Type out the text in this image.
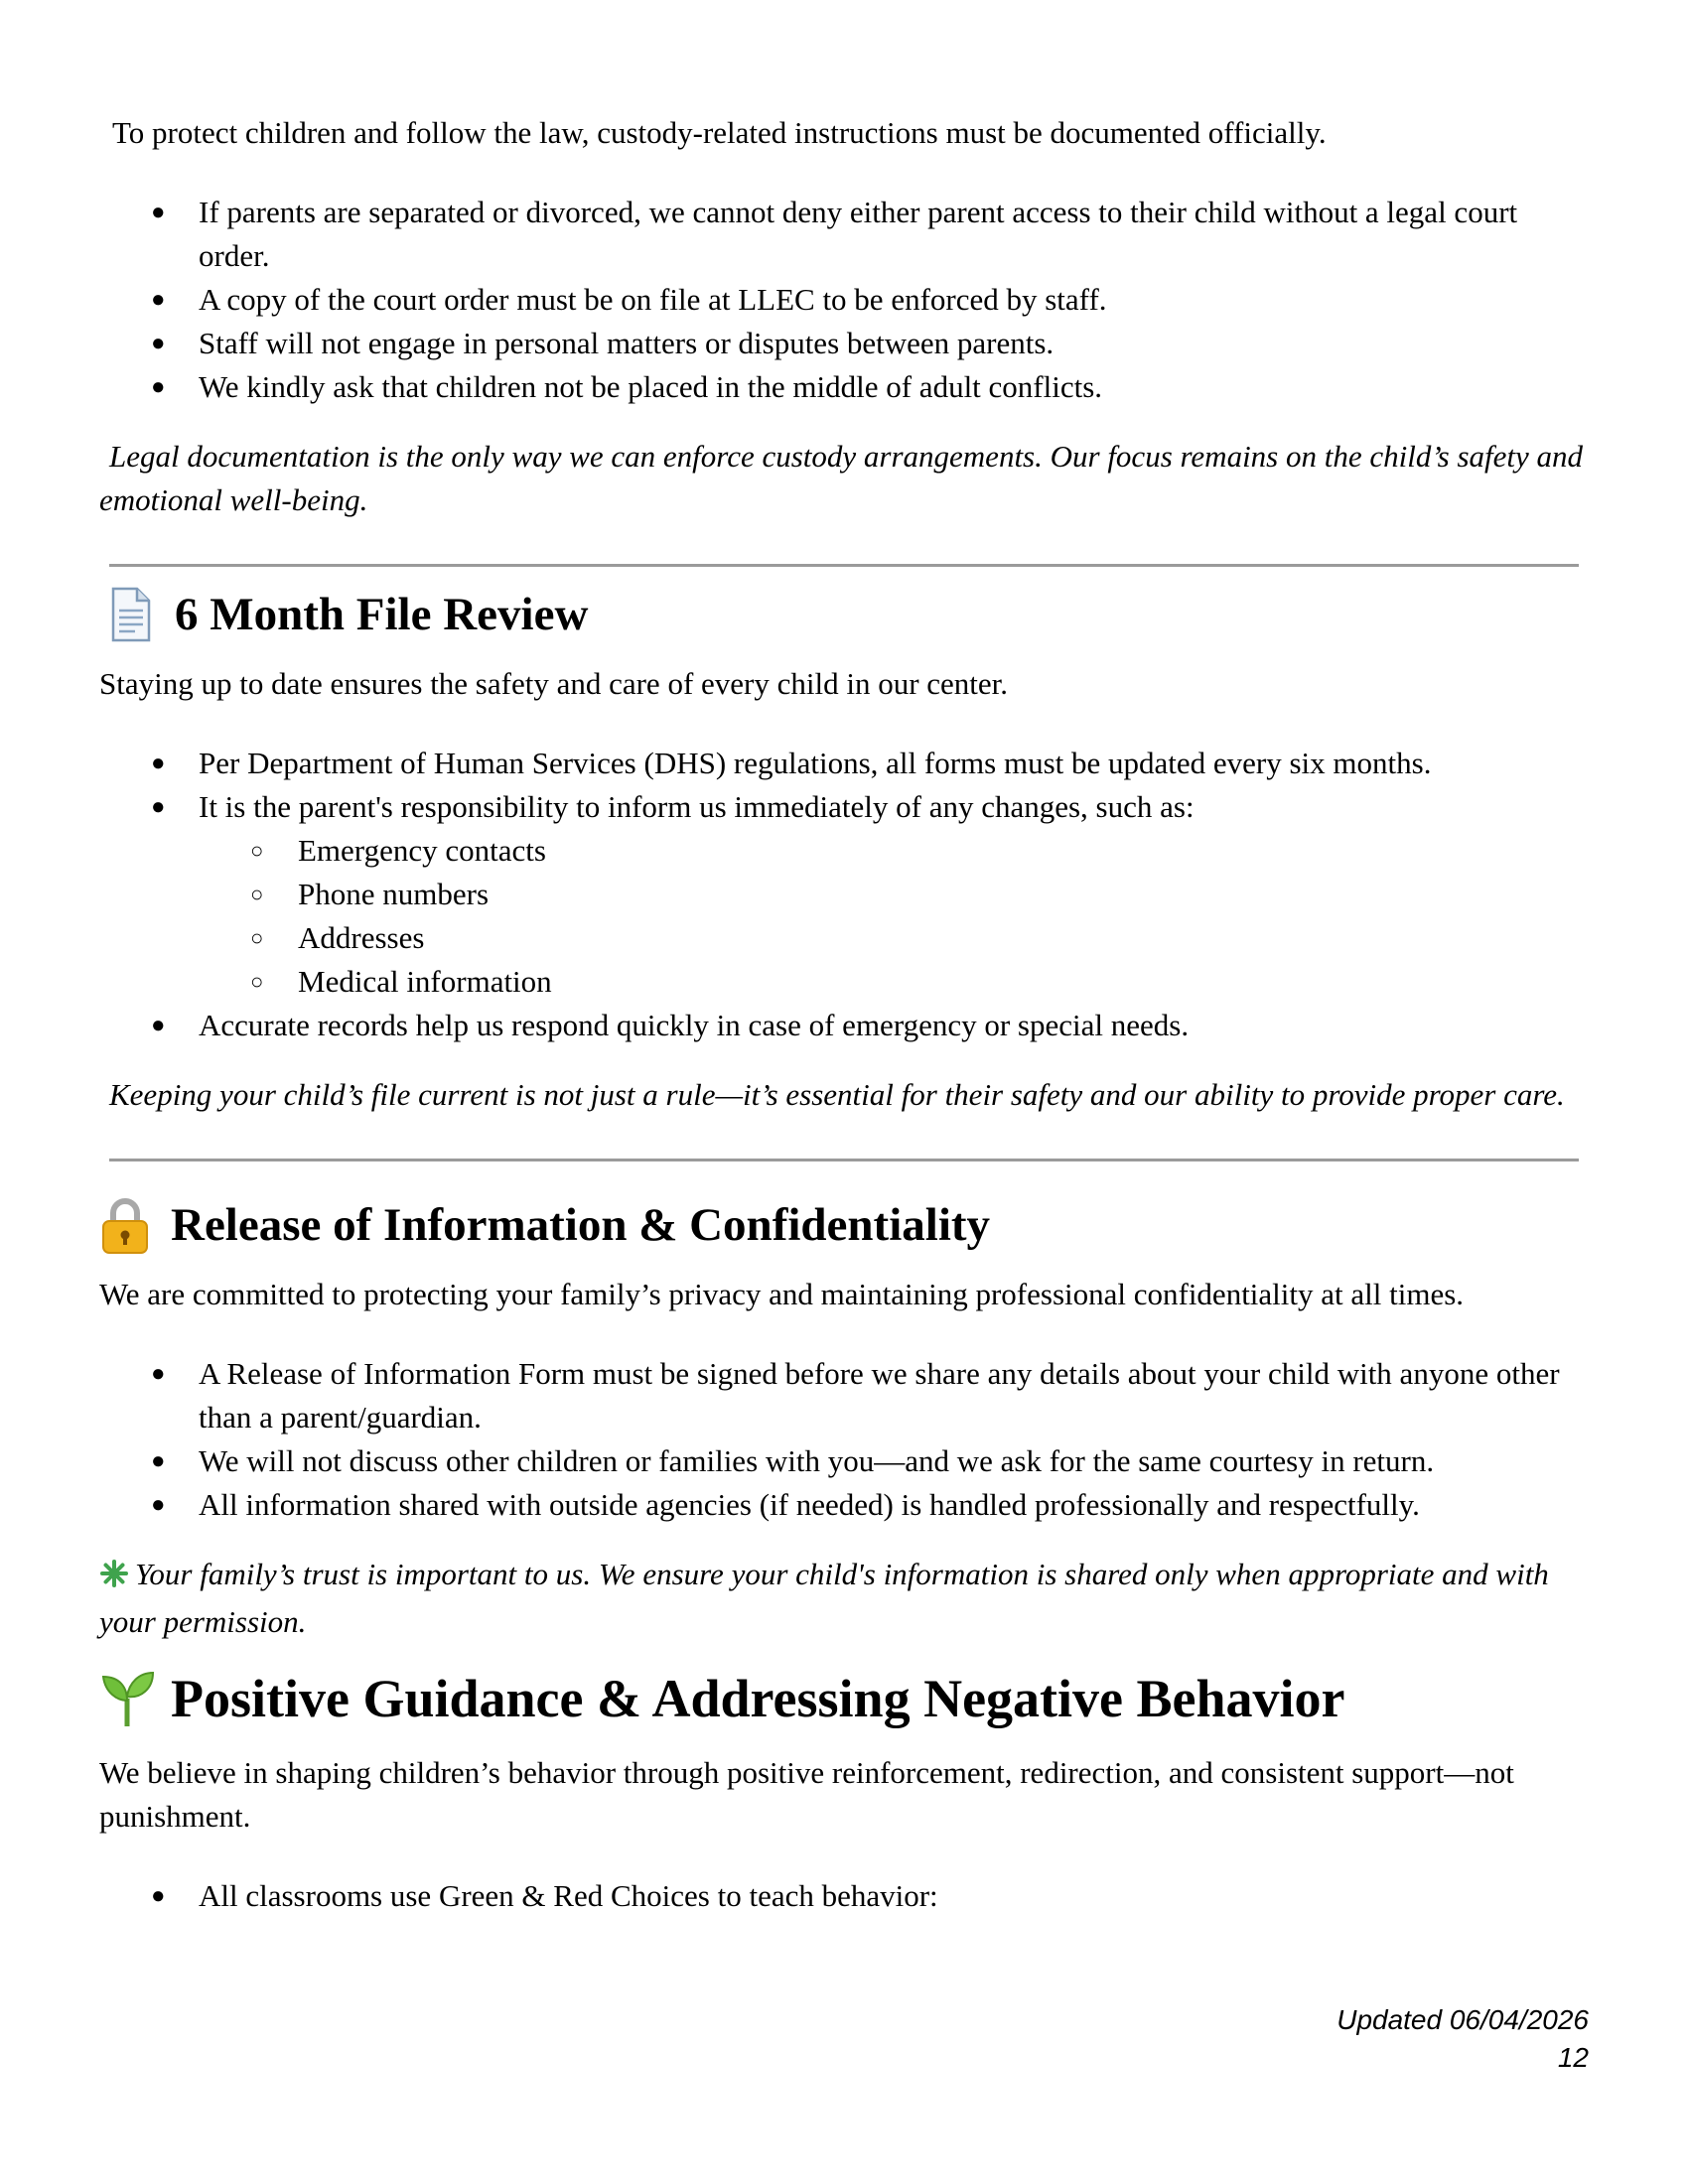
To protect children and follow the law, custody-related instructions must be documented officially.

● If parents are separated or divorced, we cannot deny either parent access to their child without a legal court order.
● A copy of the court order must be on file at LLEC to be enforced by staff.
● Staff will not engage in personal matters or disputes between parents.
● We kindly ask that children not be placed in the middle of adult conflicts.

Legal documentation is the only way we can enforce custody arrangements. Our focus remains on the child’s safety and emotional well-being.

6 Month File Review

Staying up to date ensures the safety and care of every child in our center.

● Per Department of Human Services (DHS) regulations, all forms must be updated every six months.
● It is the parent's responsibility to inform us immediately of any changes, such as:
○ Emergency contacts
○ Phone numbers
○ Addresses
○ Medical information
● Accurate records help us respond quickly in case of emergency or special needs.

Keeping your child’s file current is not just a rule—it’s essential for their safety and our ability to provide proper care.

Release of Information & Confidentiality

We are committed to protecting your family’s privacy and maintaining professional confidentiality at all times.

● A Release of Information Form must be signed before we share any details about your child with anyone other than a parent/guardian.
● We will not discuss other children or families with you—and we ask for the same courtesy in return.
● All information shared with outside agencies (if needed) is handled professionally and respectfully.

Your family’s trust is important to us. We ensure your child's information is shared only when appropriate and with your permission.

Positive Guidance & Addressing Negative Behavior

We believe in shaping children’s behavior through positive reinforcement, redirection, and consistent support—not punishment.

● All classrooms use Green & Red Choices to teach behavior:
Updated 06/04/2026
12
